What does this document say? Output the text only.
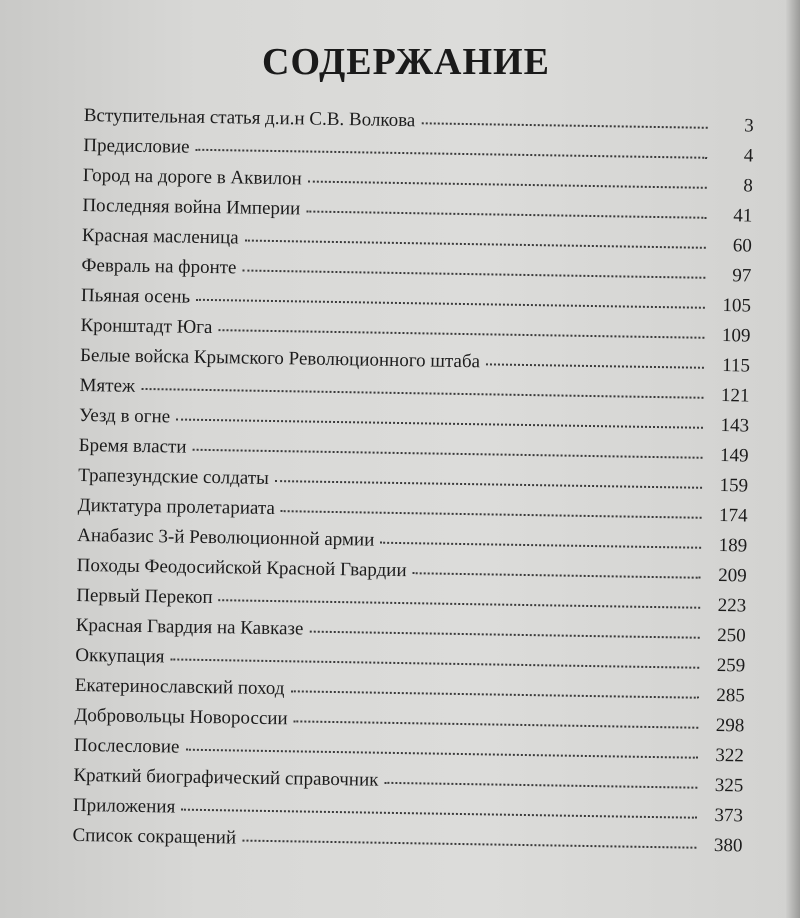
СОДЕРЖАНИЕ
Вступительная статья д.и.н С.В. Волкова	3
Предисловие	4
Город на дороге в Аквилон	8
Последняя война Империи	41
Красная масленица	60
Февраль на фронте	97
Пьяная осень	105
Кронштадт Юга	109
Белые войска Крымского Революционного штаба	115
Мятеж	121
Уезд в огне	143
Бремя власти	149
Трапезундские солдаты	159
Диктатура пролетариата	174
Анабазис 3-й Революционной армии	189
Походы Феодосийской Красной Гвардии	209
Первый Перекоп	223
Красная Гвардия на Кавказе	250
Оккупация	259
Екатеринославский поход	285
Добровольцы Новороссии	298
Послесловие	322
Краткий биографический справочник	325
Приложения	373
Список сокращений	380
